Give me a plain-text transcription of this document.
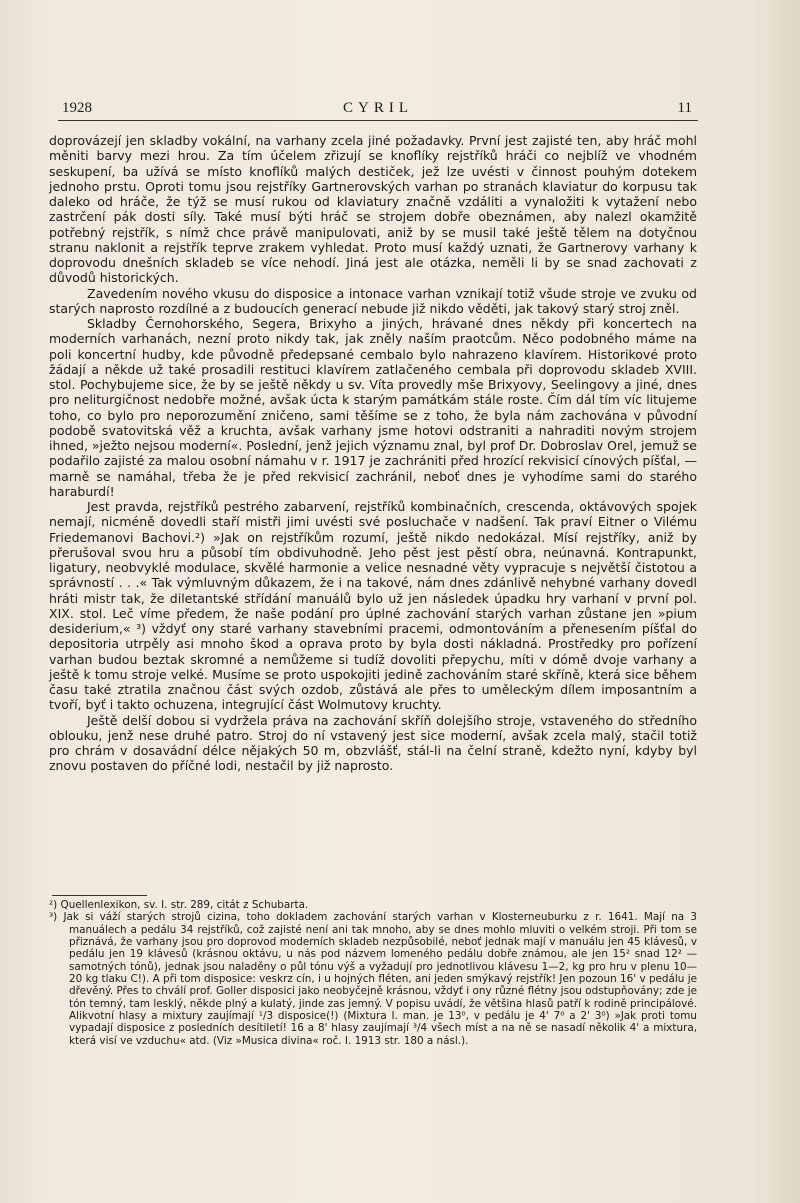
1928	CYRIL	11

doprovázejí jen skladby vokální, na varhany zcela jiné požadavky. První jest zajisté ten, aby hráč mohl měniti barvy mezi hrou. Za tím účelem zřizují se knoflíky rejstříků hráči co nejblíž ve vhodném seskupení, ba užívá se místo knoflíků malých destiček, jež lze uvésti v činnost pouhým dotekem jednoho prstu. Oproti tomu jsou rejstříky Gartnerovských varhan po stranách klaviatur do korpusu tak daleko od hráče, že týž se musí rukou od klaviatury značně vzdáliti a vynaložiti k vytažení nebo zastrčení pák dosti síly. Také musí býti hráč se strojem dobře obeznámen, aby nalezl okamžitě potřebný rejstřík, s nímž chce právě manipulovati, aniž by se musil také ještě tělem na dotyčnou stranu naklonit a rejstřík teprve zrakem vyhledat. Proto musí každý uznati, že Gartnerovy varhany k doprovodu dnešních skladeb se více nehodí. Jiná jest ale otázka, neměli li by se snad zachovati z důvodů historických.

Zavedením nového vkusu do disposice a intonace varhan vznikají totiž všude stroje ve zvuku od starých naprosto rozdílné a z budoucích generací nebude již nikdo věděti, jak takový starý stroj zněl.

Skladby Černohorského, Segera, Brixyho a jiných, hrávané dnes někdy při koncertech na moderních varhanách, nezní proto nikdy tak, jak zněly naším praotcům. Něco podobného máme na poli koncertní hudby, kde původně předepsané cembalo bylo nahrazeno klavírem. Historikové proto žádají a někde už také prosadili restituci klavírem zatlačeného cembala při doprovodu skladeb XVIII. stol. Pochybujeme sice, že by se ještě někdy u sv. Víta provedly mše Brixyovy, Seelingovy a jiné, dnes pro neliturgičnost nedobře možné, avšak úcta k starým památkám stále roste. Čím dál tím víc litujeme toho, co bylo pro neporozumění zničeno, sami těšíme se z toho, že byla nám zachována v původní podobě svatovitská věž a kruchta, avšak varhany jsme hotovi odstraniti a nahraditi novým strojem ihned, »ježto nejsou moderní«. Poslední, jenž jejich významu znal, byl prof Dr. Dobroslav Orel, jemuž se podařilo zajisté za malou osobní námahu v r. 1917 je zachrániti před hrozící rekvisicí cínových píšťal, — marně se namáhal, třeba že je před rekvisicí zachránil, neboť dnes je vyhodíme sami do starého haraburdí!

Jest pravda, rejstříků pestrého zabarvení, rejstříků kombinačních, crescenda, oktávových spojek nemají, nicméně dovedli staří mistři jimi uvésti své posluchače v nadšení. Tak praví Eitner o Vilému Friedemanovi Bachovi.²) »Jak on rejstříkům rozumí, ještě nikdo nedokázal. Mísí rejstříky, aniž by přerušoval svou hru a působí tím obdivuhodně. Jeho pěst jest pěstí obra, neúnavná. Kontrapunkt, ligatury, neobvyklé modulace, skvělé harmonie a velice nesnadné věty vypracuje s největší čistotou a správností . . .« Tak výmluvným důkazem, že i na takové, nám dnes zdánlivě nehybné varhany dovedl hráti mistr tak, že diletantské střídání manuálů bylo už jen následek úpadku hry varhaní v první pol. XIX. stol. Leč víme předem, že naše podání pro úplné zachování starých varhan zůstane jen »pium desiderium,« ³) vždyť ony staré varhany stavebními pracemi, odmontováním a přenesením píšťal do depositoria utrpěly asi mnoho škod a oprava proto by byla dosti nákladná. Prostředky pro pořízení varhan budou beztak skromné a nemůžeme si tudíž dovoliti přepychu, míti v dómě dvoje varhany a ještě k tomu stroje velké. Musíme se proto uspokojiti jedině zachováním staré skříně, která sice během času také ztratila značnou část svých ozdob, zůstává ale přes to uměleckým dílem imposantním a tvoří, byť i takto ochuzena, integrující část Wolmutovy kruchty.

Ještě delší dobou si vydržela práva na zachování skříň dolejšího stroje, vstaveného do středního oblouku, jenž nese druhé patro. Stroj do ní vstavený jest sice moderní, avšak zcela malý, stačil totiž pro chrám v dosavádní délce nějakých 50 m, obzvlášť, stál-li na čelní straně, kdežto nyní, kdyby byl znovu postaven do příčné lodi, nestačil by již naprosto.

²) Quellenlexikon, sv. I. str. 289, citát z Schubarta.

³) Jak si váží starých strojů cizina, toho dokladem zachování starých varhan v Klosterneuburku z r. 1641. Mají na 3 manuálech a pedálu 34 rejstříků, což zajisté není ani tak mnoho, aby se dnes mohlo mluviti o velkém stroji. Při tom se přiznává, že varhany jsou pro doprovod moderních skladeb nezpůsobilé, neboť jednak mají v manuálu jen 45 klávesů, v pedálu jen 19 klávesů (krásnou oktávu, u nás pod názvem lomeného pedálu dobře známou, ale jen 15² snad 12² — samotných tónů), jednak jsou naladěny o půl tónu výš a vyžadují pro jednotlivou klávesu 1—2, kg pro hru v plenu 10—20 kg tlaku C!). A při tom disposice: veskrz cín, i u hojných fléten, ani jeden smýkavý rejstřík! Jen pozoun 16' v pedálu je dřevěný. Přes to chválí prof. Goller disposici jako neobyčejně krásnou, vždyť i ony různé flétny jsou odstupňovány; zde je tón temný, tam lesklý, někde plný a kulatý, jinde zas jemný. V popisu uvádí, že většina hlasů patří k rodině principálové. Alikvotní hlasy a mixtury zaujímají ¹/3 disposice(!) (Mixtura I. man. je 13⁰, v pedálu je 4' 7⁰ a 2' 3⁰) »Jak proti tomu vypadají disposice z posledních desítiletí! 16 a 8' hlasy zaujímají ³/4 všech míst a na ně se nasadí několik 4' a mixtura, která visí ve vzduchu« atd. (Viz »Musica divina« roč. I. 1913 str. 180 a násl.).
